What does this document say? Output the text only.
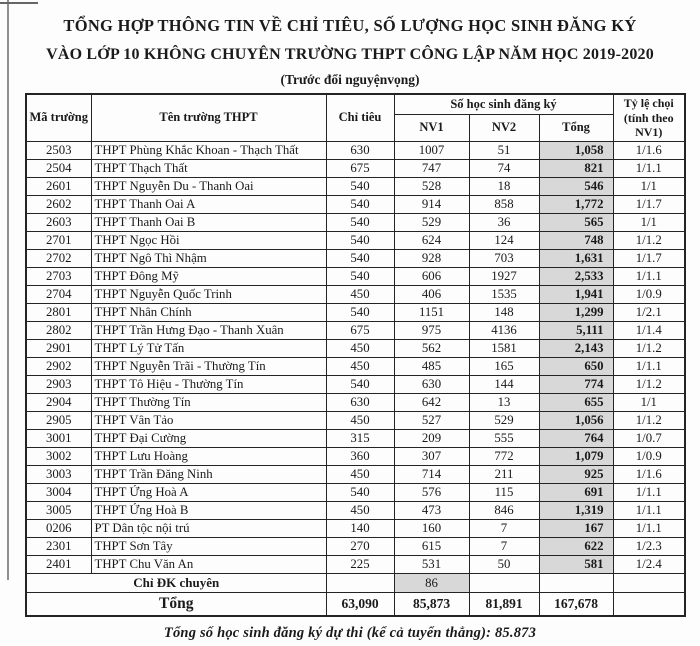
TỔNG HỢP THÔNG TIN VỀ CHỈ TIÊU, SỐ LƯỢNG HỌC SINH ĐĂNG KÝ
VÀO LỚP 10 KHÔNG CHUYÊN TRƯỜNG THPT CÔNG LẬP NĂM HỌC 2019-2020
(Trước đổi nguyệnvọng)
Mã trường	Tên trường THPT	Chỉ tiêu	Số học sinh đăng ký			Tỷ lệ chọi (tính theo NV1)
			NV1	NV2	Tổng	
2503	THPT Phùng Khắc Khoan - Thạch Thất	630	1007	51	1,058	1/1.6
2504	THPT Thạch Thất	675	747	74	821	1/1.1
2601	THPT Nguyễn Du - Thanh Oai	540	528	18	546	1/1
2602	THPT Thanh Oai A	540	914	858	1,772	1/1.7
2603	THPT Thanh Oai B	540	529	36	565	1/1
2701	THPT Ngọc Hồi	540	624	124	748	1/1.2
2702	THPT Ngô Thì Nhậm	540	928	703	1,631	1/1.7
2703	THPT Đông Mỹ	540	606	1927	2,533	1/1.1
2704	THPT Nguyễn Quốc Trinh	450	406	1535	1,941	1/0.9
2801	THPT Nhân Chính	540	1151	148	1,299	1/2.1
2802	THPT Trần Hưng Đạo - Thanh Xuân	675	975	4136	5,111	1/1.4
2901	THPT Lý Tử Tấn	450	562	1581	2,143	1/1.2
2902	THPT Nguyễn Trãi - Thường Tín	450	485	165	650	1/1.1
2903	THPT Tô Hiệu - Thường Tín	540	630	144	774	1/1.2
2904	THPT Thường Tín	630	642	13	655	1/1
2905	THPT Vân Tảo	450	527	529	1,056	1/1.2
3001	THPT Đại Cường	315	209	555	764	1/0.7
3002	THPT Lưu Hoàng	360	307	772	1,079	1/0.9
3003	THPT Trần Đăng Ninh	450	714	211	925	1/1.6
3004	THPT Ứng Hoà A	540	576	115	691	1/1.1
3005	THPT Ứng Hoà B	450	473	846	1,319	1/1.1
0206	PT Dân tộc nội trú	140	160	7	167	1/1.1
2301	THPT Sơn Tây	270	615	7	622	1/2.3
2401	THPT Chu Văn An	225	531	50	581	1/2.4
Chỉ ĐK chuyên			86			
Tổng		63,090	85,873	81,891	167,678	
Tổng số học sinh đăng ký dự thi (kể cả tuyển thẳng): 85.873
